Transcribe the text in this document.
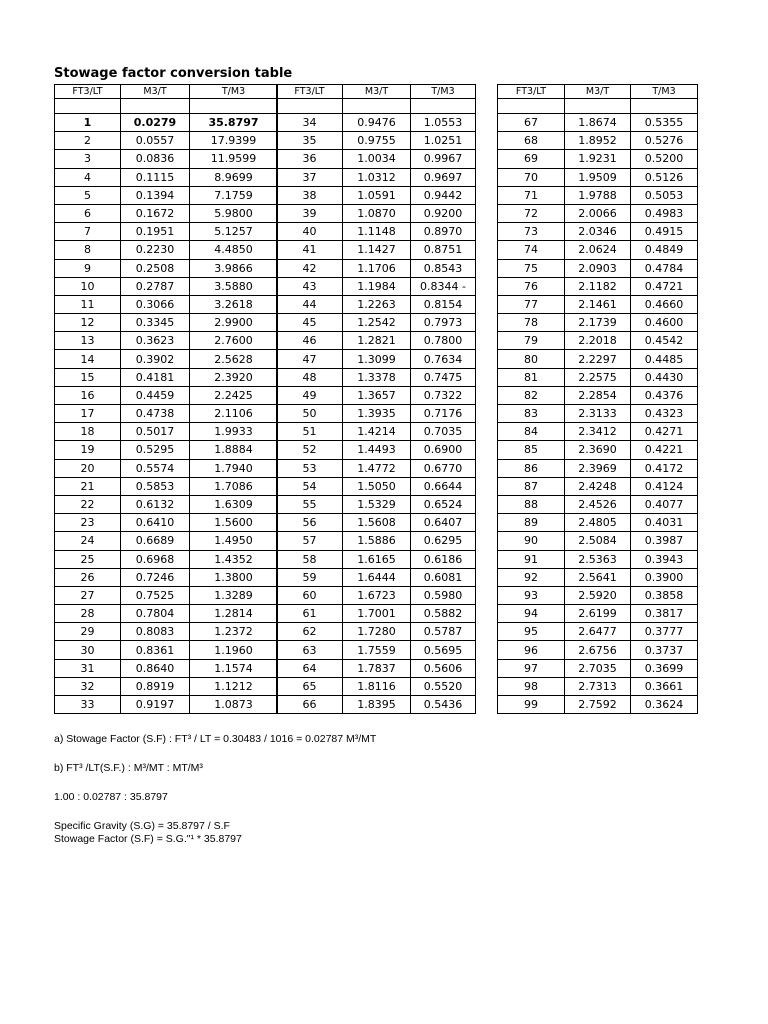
Stowage factor conversion table
FT3/LT	M3/T	T/M3

1	0.0279	35.8797
2	0.0557	17.9399
3	0.0836	11.9599
4	0.1115	8.9699
5	0.1394	7.1759
6	0.1672	5.9800
7	0.1951	5.1257
8	0.2230	4.4850
9	0.2508	3.9866
10	0.2787	3.5880
11	0.3066	3.2618
12	0.3345	2.9900
13	0.3623	2.7600
14	0.3902	2.5628
15	0.4181	2.3920
16	0.4459	2.2425
17	0.4738	2.1106
18	0.5017	1.9933
19	0.5295	1.8884
20	0.5574	1.7940
21	0.5853	1.7086
22	0.6132	1.6309
23	0.6410	1.5600
24	0.6689	1.4950
25	0.6968	1.4352
26	0.7246	1.3800
27	0.7525	1.3289
28	0.7804	1.2814
29	0.8083	1.2372
30	0.8361	1.1960
31	0.8640	1.1574
32	0.8919	1.1212
33	0.9197	1.0873
FT3/LT	M3/T	T/M3

34	0.9476	1.0553
35	0.9755	1.0251
36	1.0034	0.9967
37	1.0312	0.9697
38	1.0591	0.9442
39	1.0870	0.9200
40	1.1148	0.8970
41	1.1427	0.8751
42	1.1706	0.8543
43	1.1984	0.8344 -
44	1.2263	0.8154
45	1.2542	0.7973
46	1.2821	0.7800
47	1.3099	0.7634
48	1.3378	0.7475
49	1.3657	0.7322
50	1.3935	0.7176
51	1.4214	0.7035
52	1.4493	0.6900
53	1.4772	0.6770
54	1.5050	0.6644
55	1.5329	0.6524
56	1.5608	0.6407
57	1.5886	0.6295
58	1.6165	0.6186
59	1.6444	0.6081
60	1.6723	0.5980
61	1.7001	0.5882
62	1.7280	0.5787
63	1.7559	0.5695
64	1.7837	0.5606
65	1.8116	0.5520
66	1.8395	0.5436
FT3/LT	M3/T	T/M3

67	1.8674	0.5355
68	1.8952	0.5276
69	1.9231	0.5200
70	1.9509	0.5126
71	1.9788	0.5053
72	2.0066	0.4983
73	2.0346	0.4915
74	2.0624	0.4849
75	2.0903	0.4784
76	2.1182	0.4721
77	2.1461	0.4660
78	2.1739	0.4600
79	2.2018	0.4542
80	2.2297	0.4485
81	2.2575	0.4430
82	2.2854	0.4376
83	2.3133	0.4323
84	2.3412	0.4271
85	2.3690	0.4221
86	2.3969	0.4172
87	2.4248	0.4124
88	2.4526	0.4077
89	2.4805	0.4031
90	2.5084	0.3987
91	2.5363	0.3943
92	2.5641	0.3900
93	2.5920	0.3858
94	2.6199	0.3817
95	2.6477	0.3777
96	2.6756	0.3737
97	2.7035	0.3699
98	2.7313	0.3661
99	2.7592	0.3624
a) Stowage Factor (S.F) : FT³ / LT = 0.30483 / 1016 = 0.02787 M³/MT
b) FT³ /LT(S.F.) : M³/MT : MT/M³
1.00 : 0.02787 : 35.8797
Specific Gravity (S.G) = 35.8797 / S.F
Stowage Factor (S.F) = S.G."¹ * 35.8797
